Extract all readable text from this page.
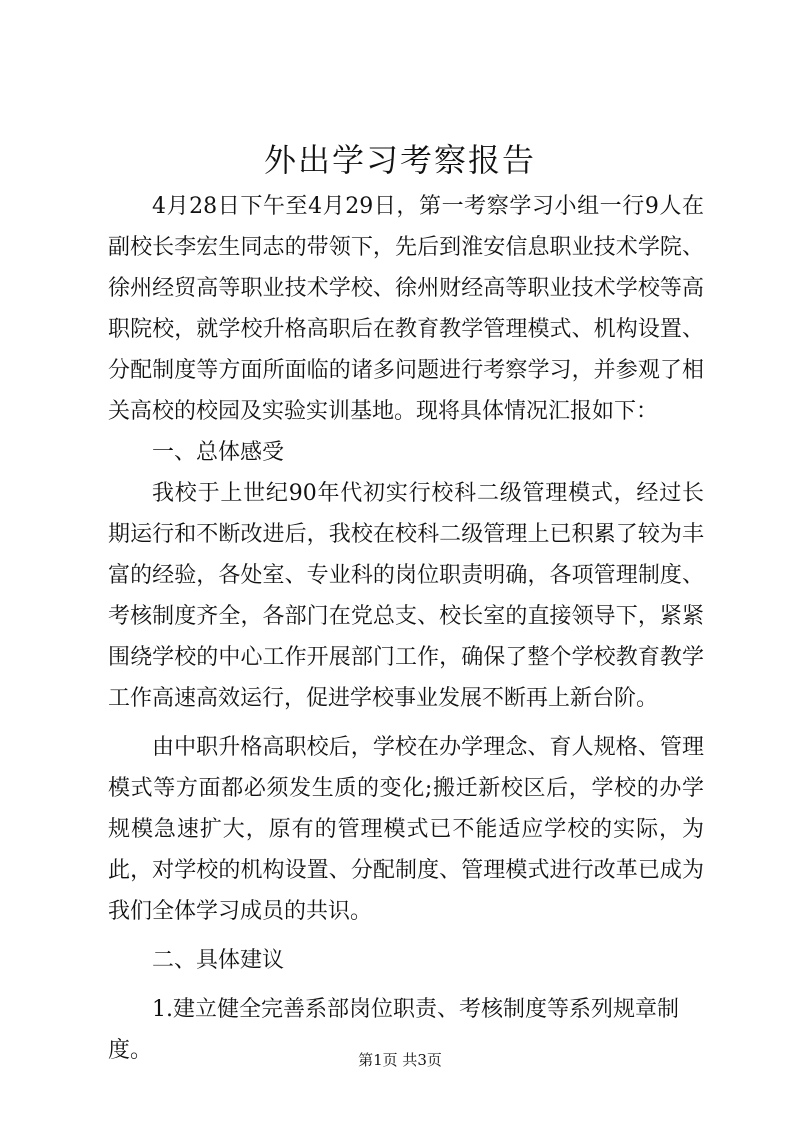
外出学习考察报告

4月28日下午至4月29日，第一考察学习小组一行9人在副校长李宏生同志的带领下，先后到淮安信息职业技术学院、徐州经贸高等职业技术学校、徐州财经高等职业技术学校等高职院校，就学校升格高职后在教育教学管理模式、机构设置、分配制度等方面所面临的诸多问题进行考察学习，并参观了相关高校的校园及实验实训基地。现将具体情况汇报如下：

一、总体感受

我校于上世纪90年代初实行校科二级管理模式，经过长期运行和不断改进后，我校在校科二级管理上已积累了较为丰富的经验，各处室、专业科的岗位职责明确，各项管理制度、考核制度齐全，各部门在党总支、校长室的直接领导下，紧紧围绕学校的中心工作开展部门工作，确保了整个学校教育教学工作高速高效运行，促进学校事业发展不断再上新台阶。

由中职升格高职校后，学校在办学理念、育人规格、管理模式等方面都必须发生质的变化;搬迁新校区后，学校的办学规模急速扩大，原有的管理模式已不能适应学校的实际，为此，对学校的机构设置、分配制度、管理模式进行改革已成为我们全体学习成员的共识。

二、具体建议

1.建立健全完善系部岗位职责、考核制度等系列规章制度。	第1页 共3页
